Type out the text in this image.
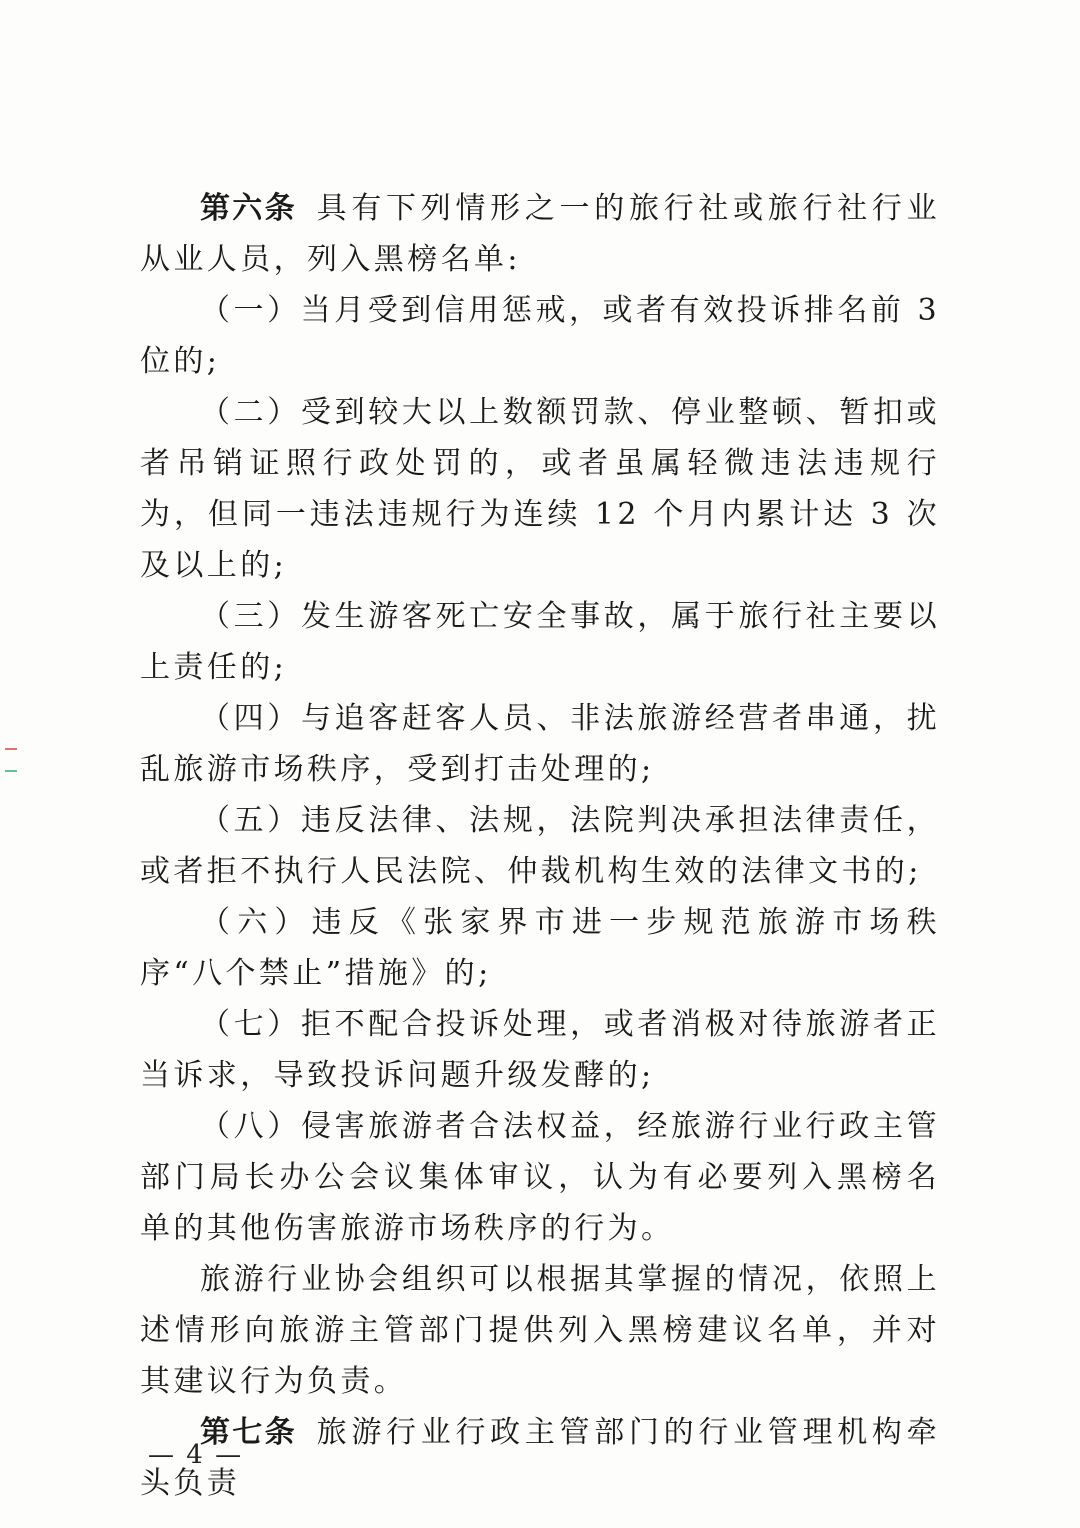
第六条  具有下列情形之一的旅行社或旅行社行业从业人员，列入黑榜名单:

（一）当月受到信用惩戒，或者有效投诉排名前 3 位的;

（二）受到较大以上数额罚款、停业整顿、暂扣或者吊销证照行政处罚的，或者虽属轻微违法违规行为，但同一违法违规行为连续 12 个月内累计达 3 次及以上的;

（三）发生游客死亡安全事故，属于旅行社主要以上责任的;

（四）与追客赶客人员、非法旅游经营者串通，扰乱旅游市场秩序，受到打击处理的;

（五）违反法律、法规，法院判决承担法律责任，或者拒不执行人民法院、仲裁机构生效的法律文书的;

（六）违反《张家界市进一步规范旅游市场秩序“八个禁止”措施》的;

（七）拒不配合投诉处理，或者消极对待旅游者正当诉求，导致投诉问题升级发酵的;

（八）侵害旅游者合法权益，经旅游行业行政主管部门局长办公会议集体审议，认为有必要列入黑榜名单的其他伤害旅游市场秩序的行为。

旅游行业协会组织可以根据其掌握的情况，依照上述情形向旅游主管部门提供列入黑榜建议名单，并对其建议行为负责。

第七条  旅游行业行政主管部门的行业管理机构牵头负责

— 4 —
